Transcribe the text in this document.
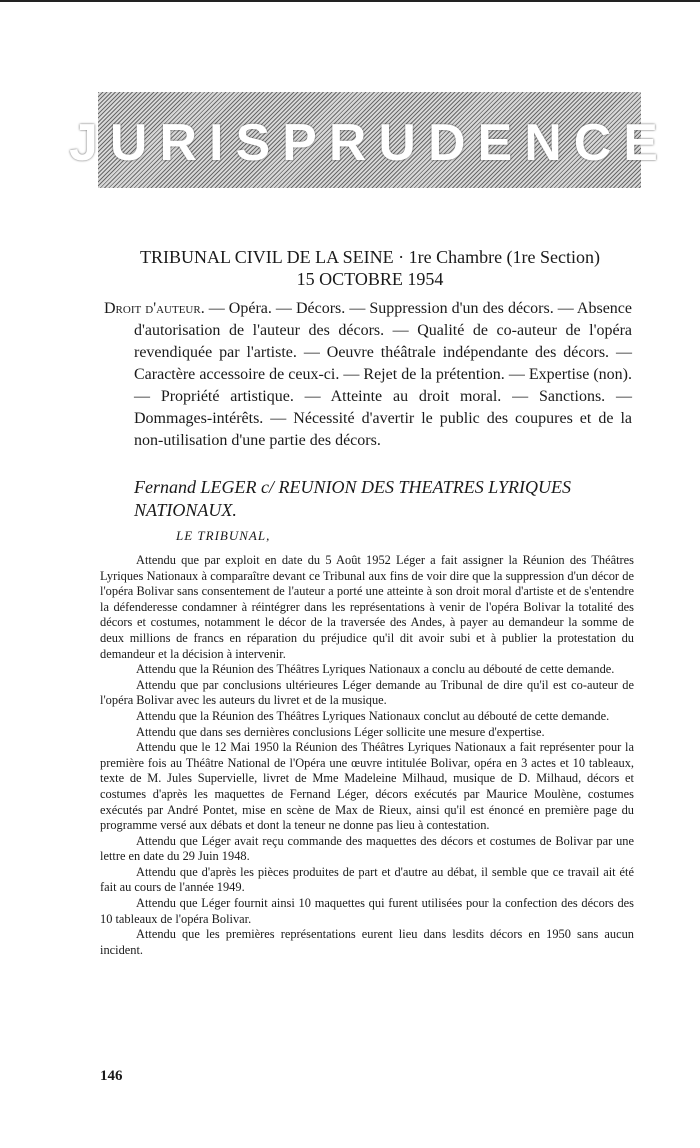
JURISPRUDENCE
TRIBUNAL CIVIL DE LA SEINE · 1re Chambre (1re Section)
15 OCTOBRE 1954

Droit d'auteur. — Opéra. — Décors. — Suppression d'un des décors. — Absence d'autorisation de l'auteur des décors. — Qualité de co-auteur de l'opéra revendiquée par l'artiste. — Oeuvre théâtrale indépendante des décors. — Caractère accessoire de ceux-ci. — Rejet de la prétention. — Expertise (non). — Propriété artistique. — Atteinte au droit moral. — Sanctions. — Dommages-intérêts. — Nécessité d'avertir le public des coupures et de la non-utilisation d'une partie des décors.

Fernand LEGER c/ REUNION DES THEATRES LYRIQUES NATIONAUX.
LE TRIBUNAL,

Attendu que par exploit en date du 5 Août 1952 Léger a fait assigner la Réunion des Théâtres Lyriques Nationaux à comparaître devant ce Tribunal aux fins de voir dire que la suppression d'un décor de l'opéra Bolivar sans consentement de l'auteur a porté une atteinte à son droit moral d'artiste et de s'entendre la défenderesse condamner à réintégrer dans les représentations à venir de l'opéra Bolivar la totalité des décors et costumes, notamment le décor de la traversée des Andes, à payer au demandeur la somme de deux millions de francs en réparation du préjudice qu'il dit avoir subi et à publier la protestation du demandeur et la décision à intervenir.

Attendu que la Réunion des Théâtres Lyriques Nationaux a conclu au débouté de cette demande.

Attendu que par conclusions ultérieures Léger demande au Tribunal de dire qu'il est co-auteur de l'opéra Bolivar avec les auteurs du livret et de la musique.

Attendu que la Réunion des Théâtres Lyriques Nationaux conclut au débouté de cette demande.

Attendu que dans ses dernières conclusions Léger sollicite une mesure d'expertise.

Attendu que le 12 Mai 1950 la Réunion des Théâtres Lyriques Nationaux a fait représenter pour la première fois au Théâtre National de l'Opéra une œuvre intitulée Bolivar, opéra en 3 actes et 10 tableaux, texte de M. Jules Supervielle, livret de Mme Madeleine Milhaud, musique de D. Milhaud, décors et costumes d'après les maquettes de Fernand Léger, décors exécutés par Maurice Moulène, costumes exécutés par André Pontet, mise en scène de Max de Rieux, ainsi qu'il est énoncé en première page du programme versé aux débats et dont la teneur ne donne pas lieu à contestation.

Attendu que Léger avait reçu commande des maquettes des décors et costumes de Bolivar par une lettre en date du 29 Juin 1948.

Attendu que d'après les pièces produites de part et d'autre au débat, il semble que ce travail ait été fait au cours de l'année 1949.

Attendu que Léger fournit ainsi 10 maquettes qui furent utilisées pour la confection des décors des 10 tableaux de l'opéra Bolivar.

Attendu que les premières représentations eurent lieu dans lesdits décors en 1950 sans aucun incident.

146
